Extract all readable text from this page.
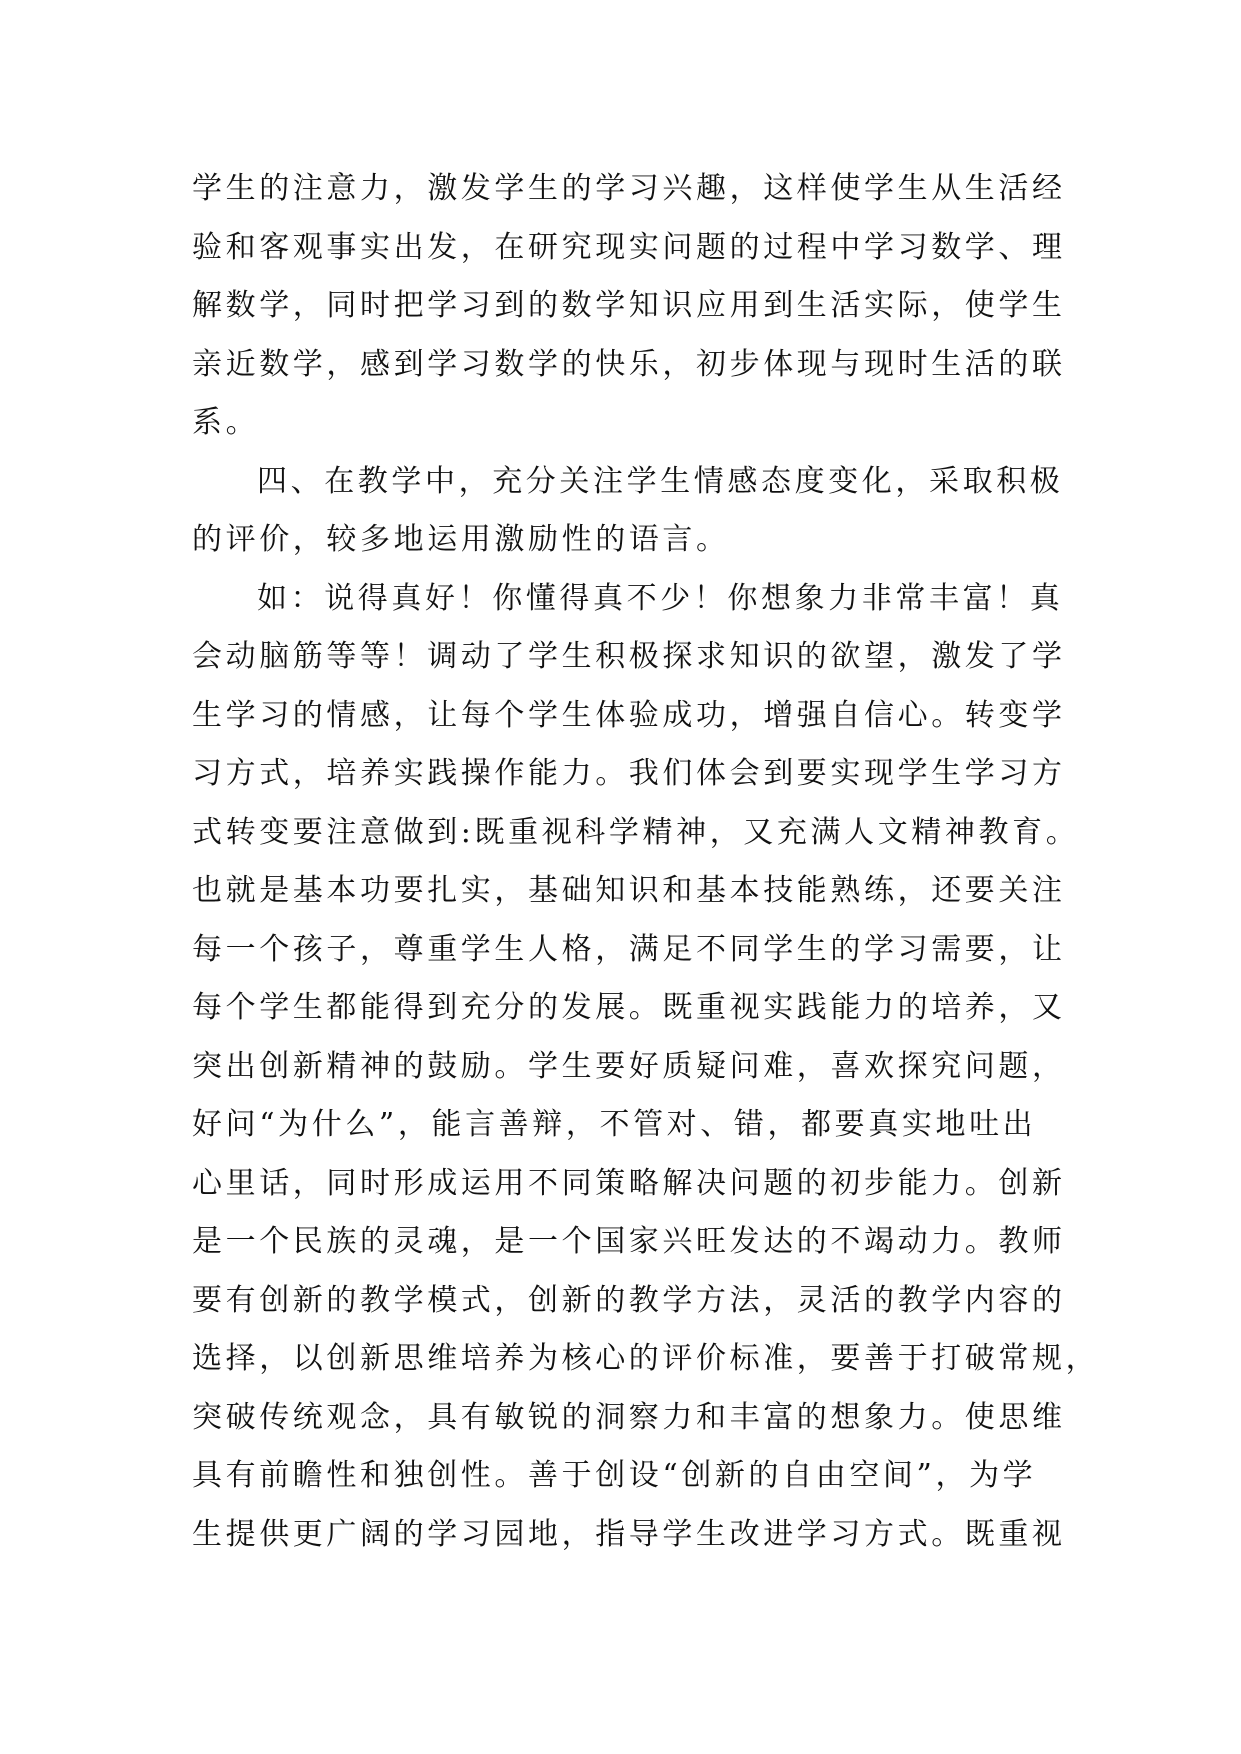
学生的注意力，激发学生的学习兴趣，这样使学生从生活经
验和客观事实出发，在研究现实问题的过程中学习数学、理
解数学，同时把学习到的数学知识应用到生活实际，使学生
亲近数学，感到学习数学的快乐，初步体现与现时生活的联
系。
四、在教学中，充分关注学生情感态度变化，采取积极
的评价，较多地运用激励性的语言。
如：说得真好！你懂得真不少！你想象力非常丰富！真
会动脑筋等等！调动了学生积极探求知识的欲望，激发了学
生学习的情感，让每个学生体验成功，增强自信心。转变学
习方式，培养实践操作能力。我们体会到要实现学生学习方
式转变要注意做到:既重视科学精神，又充满人文精神教育。
也就是基本功要扎实，基础知识和基本技能熟练，还要关注
每一个孩子，尊重学生人格，满足不同学生的学习需要，让
每个学生都能得到充分的发展。既重视实践能力的培养，又
突出创新精神的鼓励。学生要好质疑问难，喜欢探究问题，
好问“为什么”，能言善辩，不管对、错，都要真实地吐出
心里话，同时形成运用不同策略解决问题的初步能力。创新
是一个民族的灵魂，是一个国家兴旺发达的不竭动力。教师
要有创新的教学模式，创新的教学方法，灵活的教学内容的
选择，以创新思维培养为核心的评价标准，要善于打破常规，
突破传统观念，具有敏锐的洞察力和丰富的想象力。使思维
具有前瞻性和独创性。善于创设“创新的自由空间”，为学
生提供更广阔的学习园地，指导学生改进学习方式。既重视
